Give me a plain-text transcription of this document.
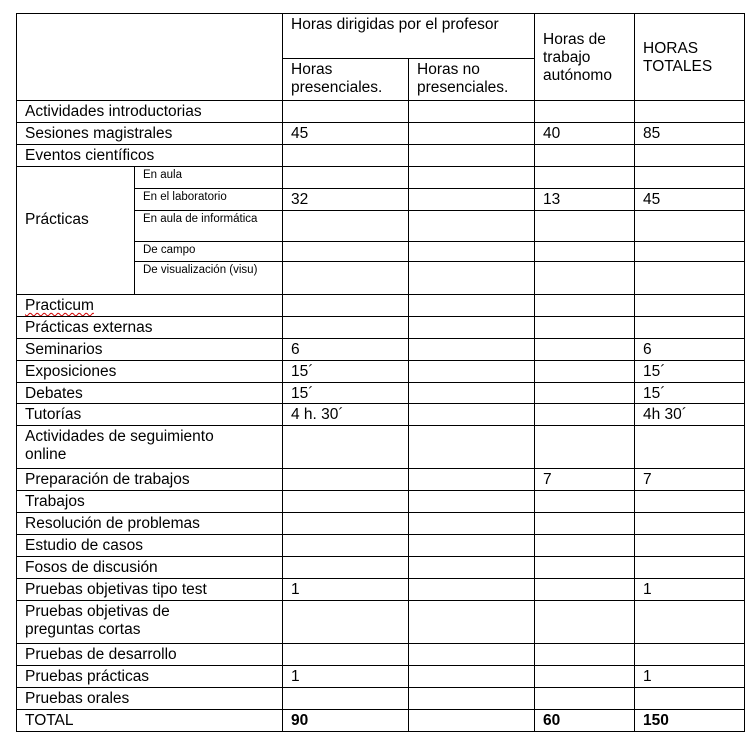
		Horas dirigidas por el profesor		Horas de trabajo autónomo	HORAS TOTALES
		Horas presenciales.	Horas no presenciales.		
Actividades introductorias					
Sesiones magistrales		45		40	85
Eventos científicos					
Prácticas	En aula				
	En el laboratorio	32		13	45
	En aula de informática				
	De campo				
	De visualización (visu)				
Practicum					
Prácticas externas					
Seminarios		6			6
Exposiciones		15´			15´
Debates		15´			15´
Tutorías		4 h. 30´			4h 30´
Actividades de seguimiento online					
Preparación de trabajos				7	7
Trabajos					
Resolución de problemas					
Estudio de casos					
Fosos de discusión					
Pruebas objetivas tipo test		1			1
Pruebas objetivas de preguntas cortas					
Pruebas de desarrollo					
Pruebas prácticas		1			1
Pruebas orales					
TOTAL		90		60	150
